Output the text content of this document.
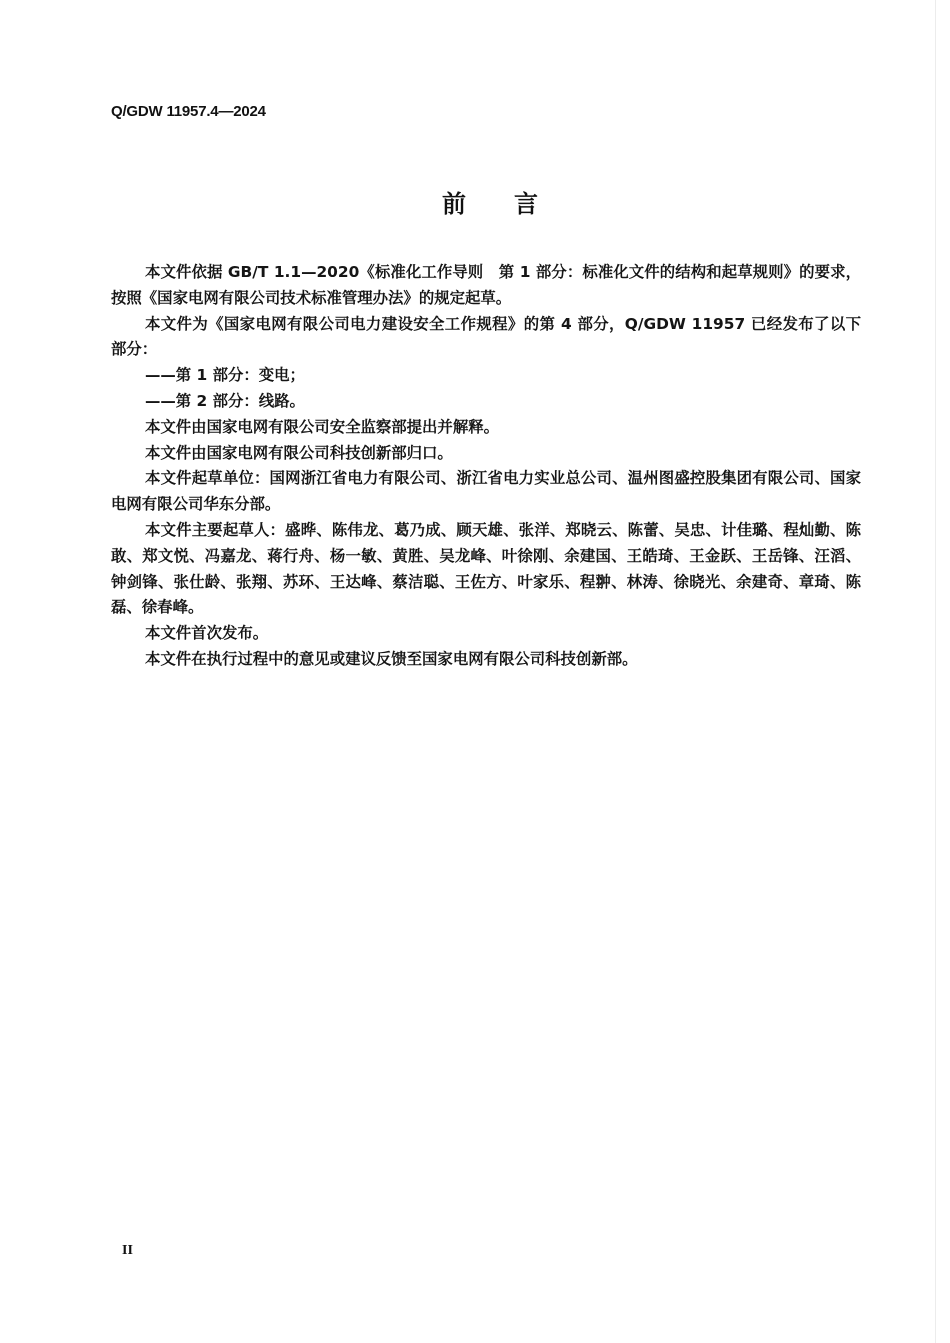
Q/GDW 11957.4—2024
前 言

本文件依据 GB/T 1.1—2020《标准化工作导则　第 1 部分：标准化文件的结构和起草规则》的要求，按照《国家电网有限公司技术标准管理办法》的规定起草。

本文件为《国家电网有限公司电力建设安全工作规程》的第 4 部分，Q/GDW 11957 已经发布了以下部分：

——第 1 部分：变电；

——第 2 部分：线路。

本文件由国家电网有限公司安全监察部提出并解释。

本文件由国家电网有限公司科技创新部归口。

本文件起草单位：国网浙江省电力有限公司、浙江省电力实业总公司、温州图盛控股集团有限公司、国家电网有限公司华东分部。

本文件主要起草人：盛晔、陈伟龙、葛乃成、顾天雄、张洋、郑晓云、陈蕾、吴忠、计佳璐、程灿勤、陈敢、郑文悦、冯嘉龙、蒋行舟、杨一敏、黄胜、吴龙峰、叶徐刚、余建国、王皓琦、王金跃、王岳锋、汪滔、钟剑锋、张仕龄、张翔、苏环、王达峰、蔡洁聪、王佐方、叶家乐、程翀、林涛、徐晓光、余建奇、章琦、陈磊、徐春峰。

本文件首次发布。

本文件在执行过程中的意见或建议反馈至国家电网有限公司科技创新部。

II
